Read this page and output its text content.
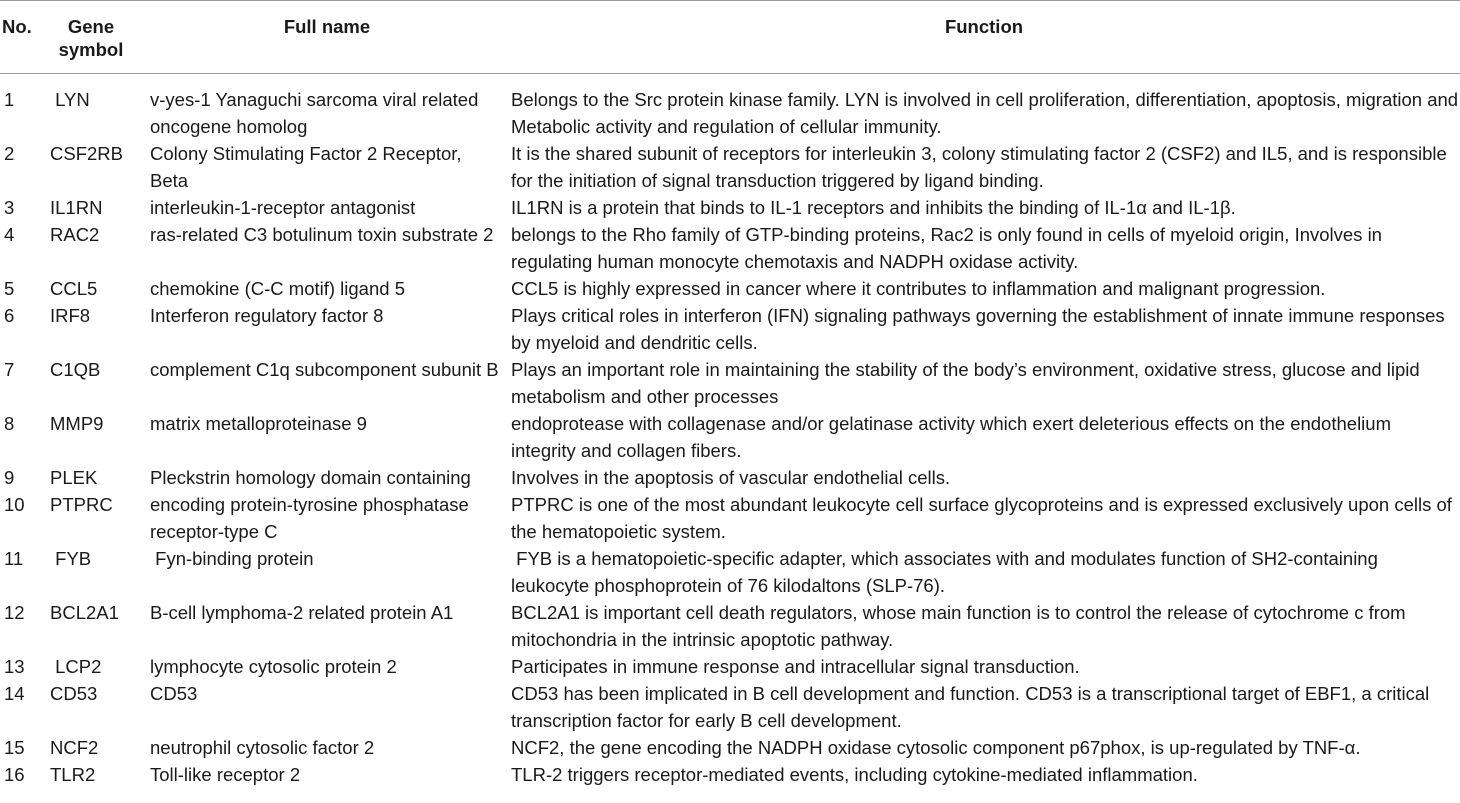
No.	Gene symbol	Full name	Function
1	LYN	v-yes-1 Yanaguchi sarcoma viral related oncogene homolog	Belongs to the Src protein kinase family. LYN is involved in cell proliferation, differentiation, apoptosis, migration and Metabolic activity and regulation of cellular immunity.
2	CSF2RB	Colony Stimulating Factor 2 Receptor, Beta	It is the shared subunit of receptors for interleukin 3, colony stimulating factor 2 (CSF2) and IL5, and is responsible for the initiation of signal transduction triggered by ligand binding.
3	IL1RN	interleukin-1-receptor antagonist	IL1RN is a protein that binds to IL-1 receptors and inhibits the binding of IL-1α and IL-1β.
4	RAC2	ras-related C3 botulinum toxin substrate 2	belongs to the Rho family of GTP-binding proteins, Rac2 is only found in cells of myeloid origin, Involves in regulating human monocyte chemotaxis and NADPH oxidase activity.
5	CCL5	chemokine (C-C motif) ligand 5	CCL5 is highly expressed in cancer where it contributes to inflammation and malignant progression.
6	IRF8	Interferon regulatory factor 8	Plays critical roles in interferon (IFN) signaling pathways governing the establishment of innate immune responses by myeloid and dendritic cells.
7	C1QB	complement C1q subcomponent subunit B	Plays an important role in maintaining the stability of the body’s environment, oxidative stress, glucose and lipid metabolism and other processes
8	MMP9	matrix metalloproteinase 9	endoprotease with collagenase and/or gelatinase activity which exert deleterious effects on the endothelium integrity and collagen fibers.
9	PLEK	Pleckstrin homology domain containing	Involves in the apoptosis of vascular endothelial cells.
10	PTPRC	encoding protein-tyrosine phosphatase receptor-type C	PTPRC is one of the most abundant leukocyte cell surface glycoproteins and is expressed exclusively upon cells of the hematopoietic system.
11	FYB	Fyn-binding protein	FYB is a hematopoietic-specific adapter, which associates with and modulates function of SH2-containing leukocyte phosphoprotein of 76 kilodaltons (SLP-76).
12	BCL2A1	B-cell lymphoma-2 related protein A1	BCL2A1 is important cell death regulators, whose main function is to control the release of cytochrome c from mitochondria in the intrinsic apoptotic pathway.
13	LCP2	lymphocyte cytosolic protein 2	Participates in immune response and intracellular signal transduction.
14	CD53	CD53	CD53 has been implicated in B cell development and function. CD53 is a transcriptional target of EBF1, a critical transcription factor for early B cell development.
15	NCF2	neutrophil cytosolic factor 2	NCF2, the gene encoding the NADPH oxidase cytosolic component p67phox, is up-regulated by TNF-α.
16	TLR2	Toll-like receptor 2	TLR-2 triggers receptor-mediated events, including cytokine-mediated inflammation.
